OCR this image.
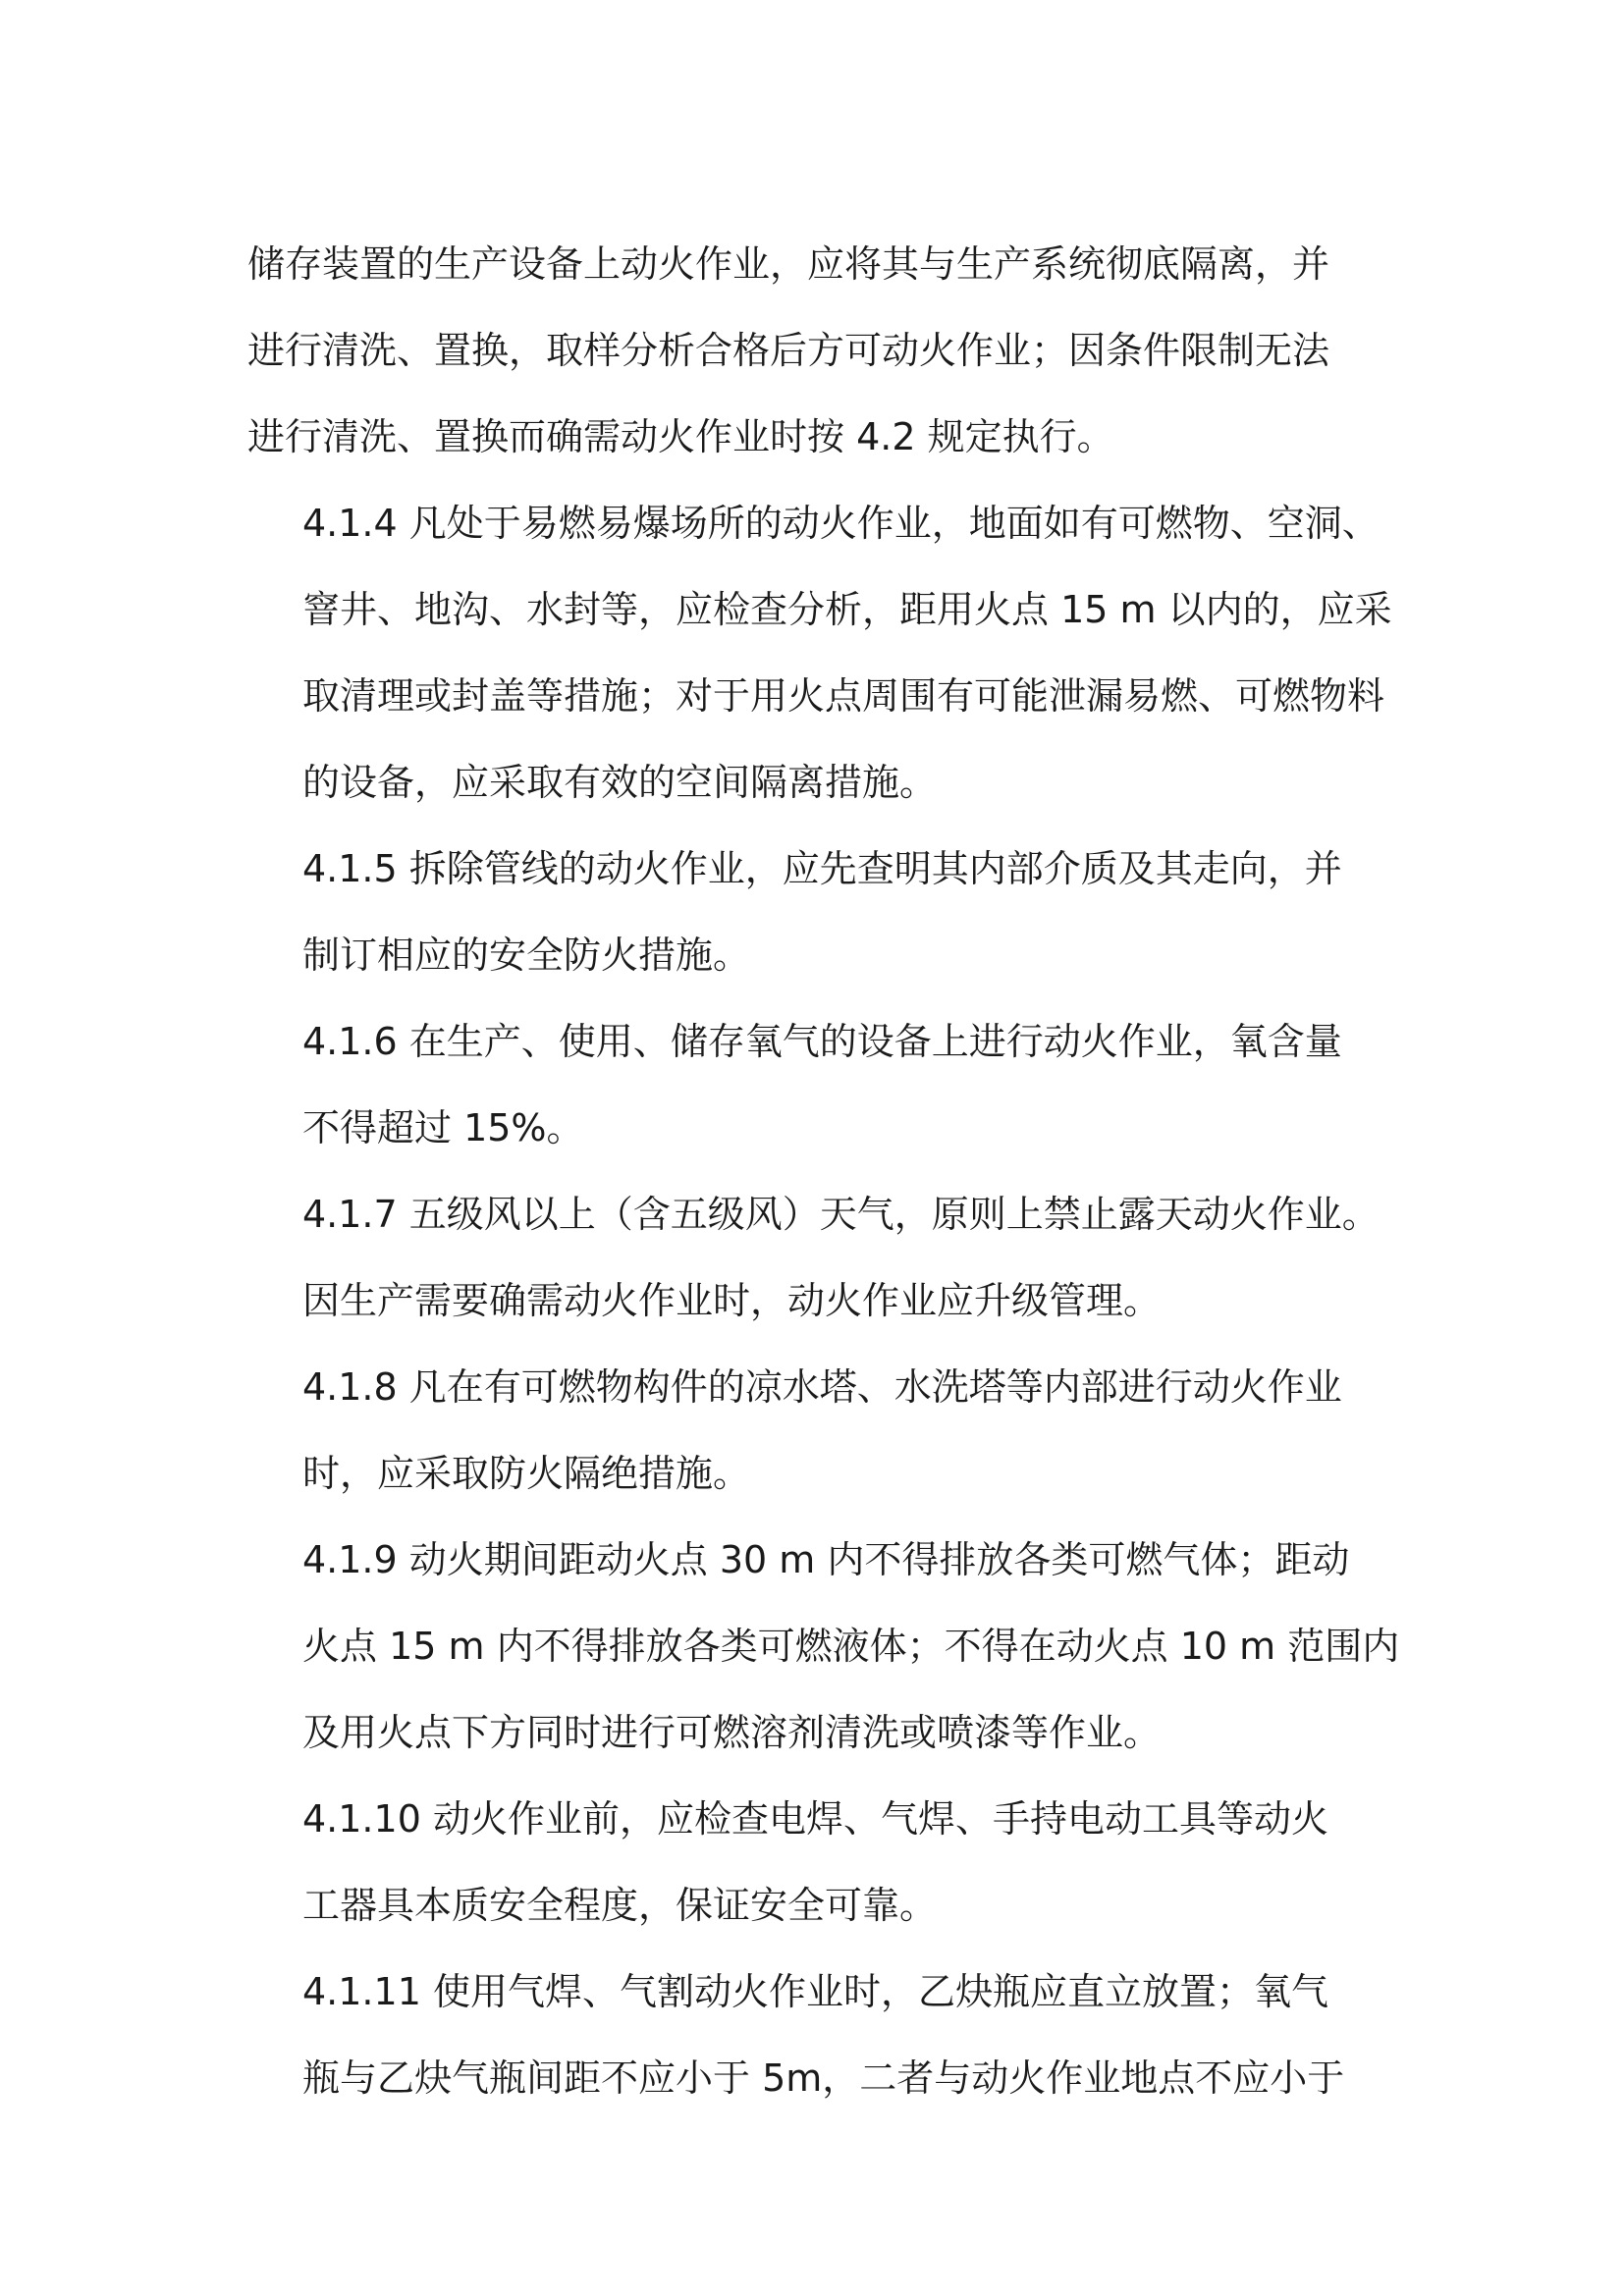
储存装置的生产设备上动火作业，应将其与生产系统彻底隔离，并
进行清洗、置换，取样分析合格后方可动火作业；因条件限制无法
进行清洗、置换而确需动火作业时按 4.2 规定执行。

4.1.4 凡处于易燃易爆场所的动火作业，地面如有可燃物、空洞、
窨井、地沟、水封等，应检查分析，距用火点 15 m 以内的，应采
取清理或封盖等措施；对于用火点周围有可能泄漏易燃、可燃物料
的设备，应采取有效的空间隔离措施。

4.1.5 拆除管线的动火作业，应先查明其内部介质及其走向，并
制订相应的安全防火措施。

4.1.6 在生产、使用、储存氧气的设备上进行动火作业，氧含量
不得超过 15%。

4.1.7 五级风以上（含五级风）天气，原则上禁止露天动火作业。
因生产需要确需动火作业时，动火作业应升级管理。

4.1.8 凡在有可燃物构件的凉水塔、水洗塔等内部进行动火作业
时，应采取防火隔绝措施。

4.1.9 动火期间距动火点 30 m 内不得排放各类可燃气体；距动
火点 15 m 内不得排放各类可燃液体；不得在动火点 10 m 范围内
及用火点下方同时进行可燃溶剂清洗或喷漆等作业。

4.1.10 动火作业前，应检查电焊、气焊、手持电动工具等动火
工器具本质安全程度，保证安全可靠。

4.1.11 使用气焊、气割动火作业时，乙炔瓶应直立放置；氧气
瓶与乙炔气瓶间距不应小于 5m，二者与动火作业地点不应小于
